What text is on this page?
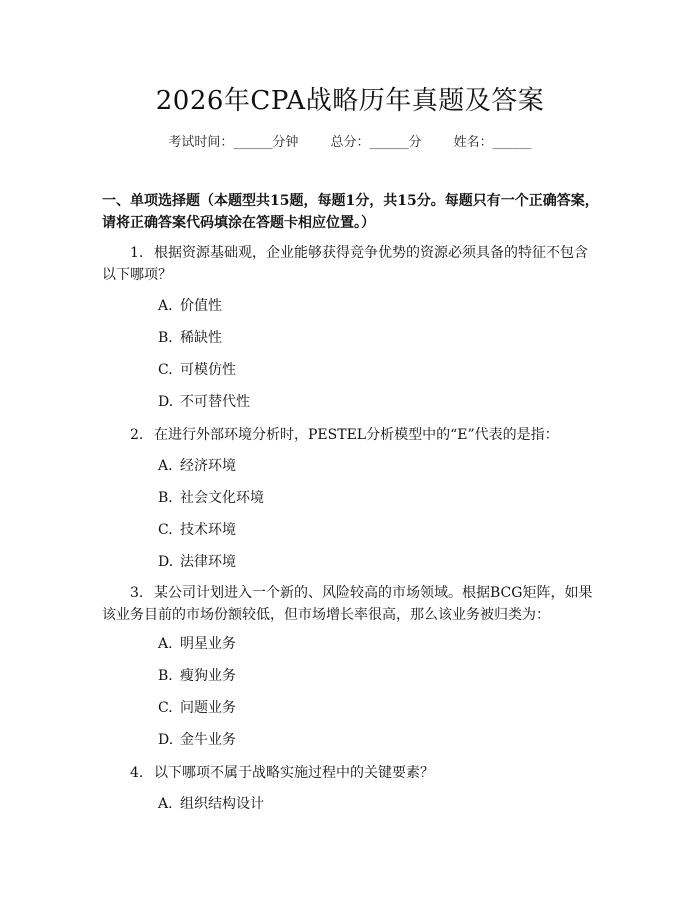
2026年CPA战略历年真题及答案
考试时间：______分钟 总分：______分 姓名：______
一、单项选择题（本题型共15题，每题1分，共15分。每题只有一个正确答案，请将正确答案代码填涂在答题卡相应位置。）
1. 根据资源基础观，企业能够获得竞争优势的资源必须具备的特征不包含以下哪项？
A. 价值性
B. 稀缺性
C. 可模仿性
D. 不可替代性
2. 在进行外部环境分析时，PESTEL分析模型中的“E”代表的是指：
A. 经济环境
B. 社会文化环境
C. 技术环境
D. 法律环境
3. 某公司计划进入一个新的、风险较高的市场领域。根据BCG矩阵，如果该业务目前的市场份额较低，但市场增长率很高，那么该业务被归类为：
A. 明星业务
B. 瘦狗业务
C. 问题业务
D. 金牛业务
4. 以下哪项不属于战略实施过程中的关键要素？
A. 组织结构设计
